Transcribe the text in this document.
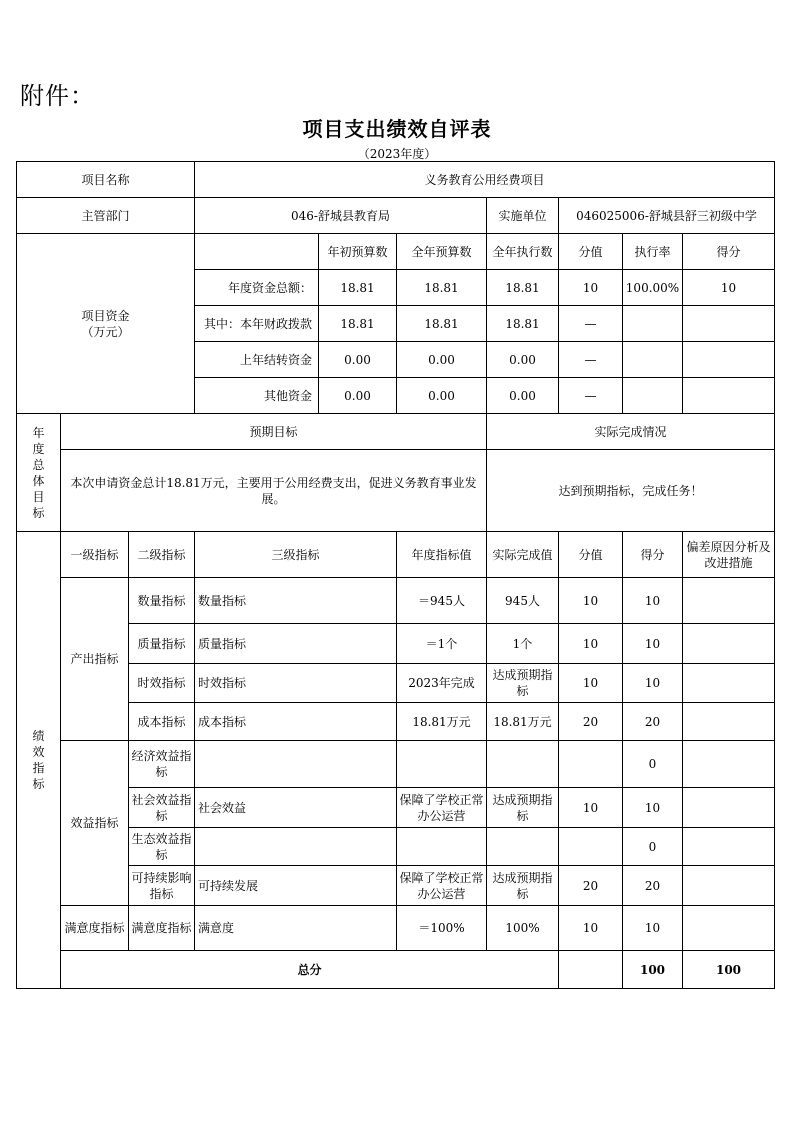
附件：
项目支出绩效自评表
（2023年度）
项目名称			义务教育公用经费项目							
主管部门			046-舒城县教育局			实施单位	046025006-舒城县舒三初级中学			

项目资金
（万元）				年初预算数	全年预算数	全年执行数	分值	执行率	得分	
			年度资金总额：	18.81	18.81	18.81	10	100.00%	10	
			其中：本年财政拨款	18.81	18.81	18.81	—			
			上年结转资金	0.00	0.00	0.00	—			
			其他资金	0.00	0.00	0.00	—			

年度总体目标	预期目标					实际完成情况				
	本次申请资金总计18.81万元，主要用于公用经费支出，促进义务教育事业发展。					达到预期指标，完成任务！				

绩效指标	一级指标	二级指标	三级指标		年度指标值	实际完成值	分值	得分	偏差原因分析及改进措施	
	产出指标	数量指标	数量指标		＝945人	945人	10	10		
		质量指标	质量指标		＝1个	1个	10	10		
		时效指标	时效指标		2023年完成	达成预期指标	10	10		
		成本指标	成本指标		18.81万元	18.81万元	20	20		
	效益指标	经济效益指标						0		
		社会效益指标	社会效益		保障了学校正常办公运营	达成预期指标	10	10		
		生态效益指标						0		
		可持续影响指标	可持续发展		保障了学校正常办公运营	达成预期指标	20	20		
	满意度指标	满意度指标	满意度		＝100%	100%	10	10		
	总分							100	100	
